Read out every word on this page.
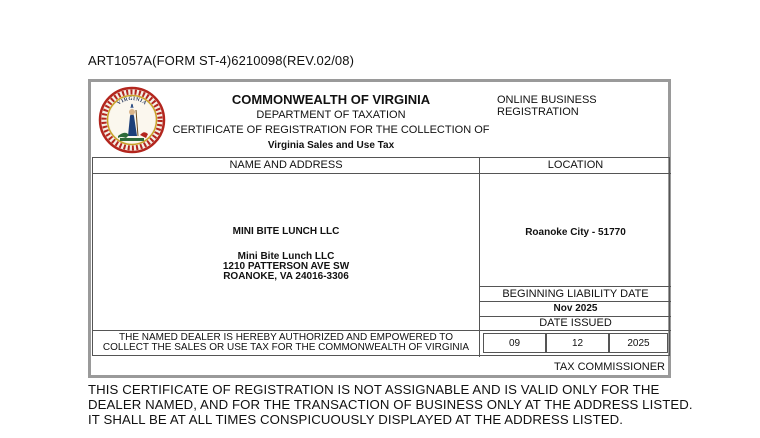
ART1057A(FORM ST-4)6210098(REV.02/08)
VIRGINIA	COMMONWEALTH OF VIRGINIA
DEPARTMENT OF TAXATION
CERTIFICATE OF REGISTRATION FOR THE COLLECTION OF
Virginia Sales and Use Tax
ONLINE BUSINESS REGISTRATION
NAME AND ADDRESS	LOCATION
MINI BITE LUNCH LLC
Mini Bite Lunch LLC
1210 PATTERSON AVE SW
ROANOKE, VA 24016-3306
Roanoke City - 51770
BEGINNING LIABILITY DATE
Nov 2025
DATE ISSUED
THE NAMED DEALER IS HEREBY AUTHORIZED AND EMPOWERED TO
COLLECT THE SALES OR USE TAX FOR THE COMMONWEALTH OF VIRGINIA	09	12	2025
TAX COMMISSIONER
THIS CERTIFICATE OF REGISTRATION IS NOT ASSIGNABLE AND IS VALID ONLY FOR THE
DEALER NAMED, AND FOR THE TRANSACTION OF BUSINESS ONLY AT THE ADDRESS LISTED.
IT SHALL BE AT ALL TIMES CONSPICUOUSLY DISPLAYED AT THE ADDRESS LISTED.
